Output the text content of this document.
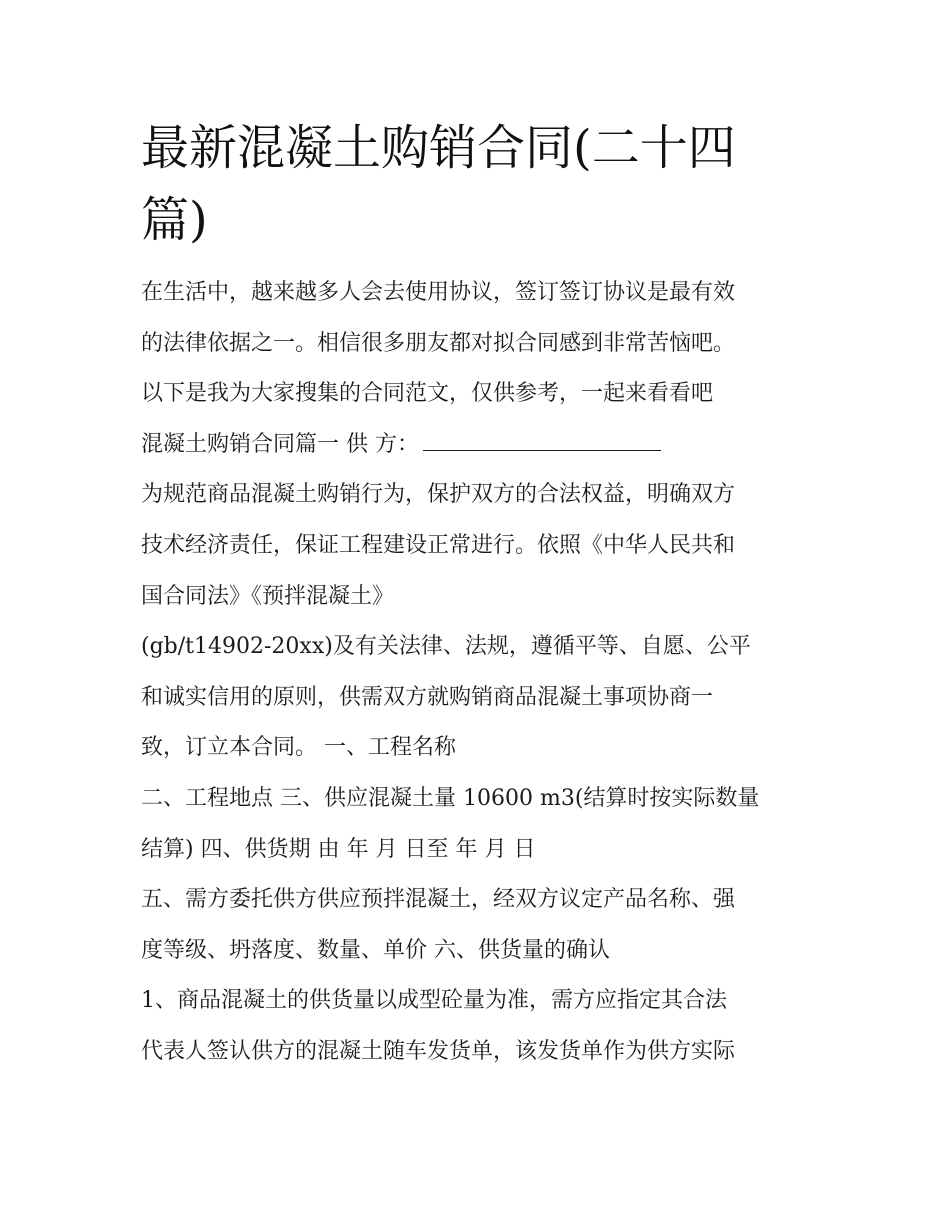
最新混凝土购销合同(二十四
篇)
在生活中，越来越多人会去使用协议，签订签订协议是最有效
的法律依据之一。相信很多朋友都对拟合同感到非常苦恼吧。
以下是我为大家搜集的合同范文，仅供参考，一起来看看吧
混凝土购销合同篇一 供 方：
为规范商品混凝土购销行为，保护双方的合法权益，明确双方
技术经济责任，保证工程建设正常进行。依照《中华人民共和
国合同法》《预拌混凝土》
(gb/t14902-20xx)及有关法律、法规，遵循平等、自愿、公平
和诚实信用的原则，供需双方就购销商品混凝土事项协商一
致，订立本合同。 一、工程名称
二、工程地点 三、供应混凝土量 10600 m3(结算时按实际数量
结算) 四、供货期 由 年 月 日至 年 月 日
五、需方委托供方供应预拌混凝土，经双方议定产品名称、强
度等级、坍落度、数量、单价 六、供货量的确认
1、商品混凝土的供货量以成型砼量为准，需方应指定其合法
代表人签认供方的混凝土随车发货单，该发货单作为供方实际
